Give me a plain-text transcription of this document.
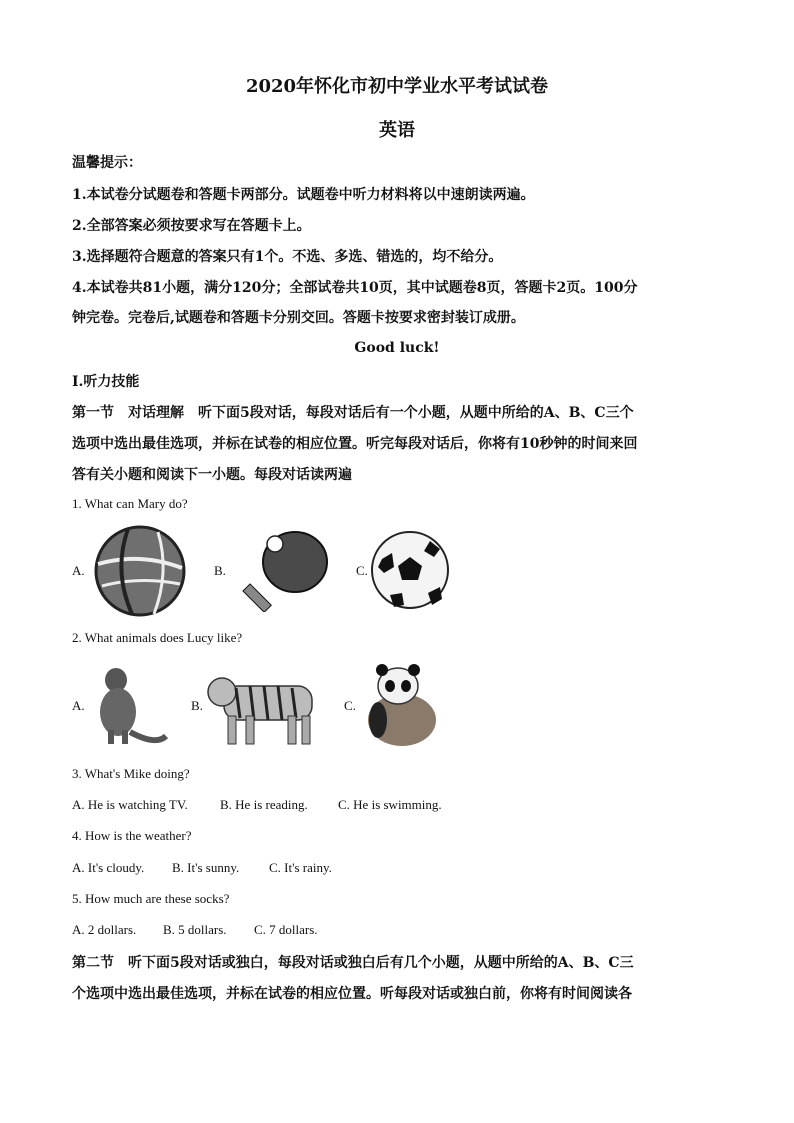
2020年怀化市初中学业水平考试试卷
英语
温馨提示：
1.本试卷分试题卷和答题卡两部分。试题卷中听力材料将以中速朗读两遍。
2.全部答案必须按要求写在答题卡上。
3.选择题符合题意的答案只有1个。不选、多选、错选的，均不给分。
4.本试卷共81小题，满分120分；全部试卷共10页，其中试题卷8页，答题卡2页。100分
钟完卷。完卷后,试题卷和答题卡分别交回。答题卡按要求密封装订成册。
Good luck!
I.听力技能
第一节　对话理解　听下面5段对话，每段对话后有一个小题，从题中所给的A、B、C三个
选项中选出最佳选项，并标在试卷的相应位置。听完每段对话后，你将有10秒钟的时间来回
答有关小题和阅读下一小题。每段对话读两遍
1. What can Mary do?
A.	B.	C.
2. What animals does Lucy like?
A.	B.	C.
3. What's Mike doing?
A. He is watching TV. B. He is reading. C. He is swimming.
4. How is the weather?
A. It's cloudy. B. It's sunny. C. It's rainy.
5. How much are these socks?
A. 2 dollars. B. 5 dollars. C. 7 dollars.
第二节　听下面5段对话或独白，每段对话或独白后有几个小题，从题中所给的A、B、C三
个选项中选出最佳选项，并标在试卷的相应位置。听每段对话或独白前，你将有时间阅读各
